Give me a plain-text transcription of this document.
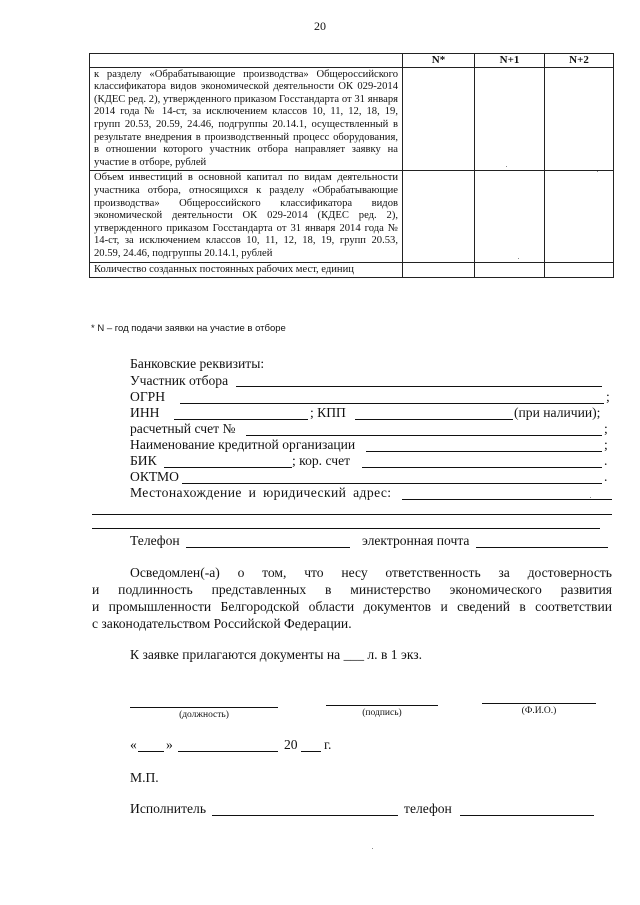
20
	N*	N+1	N+2
к разделу «Обрабатывающие производства» Общероссийского классификатора видов экономической деятельности ОК 029-2014 (КДЕС ред. 2), утвержденного приказом Госстандарта от 31 января 2014 года № 14-ст, за исключением классов 10, 11, 12, 18, 19, групп 20.53, 20.59, 24.46, подгруппы 20.14.1, осуществленный в результате внедрения в производственный процесс оборудования, в отношении которого участник отбора направляет заявку на участие в отборе, рублей			
Объем инвестиций в основной капитал по видам деятельности участника отбора, относящихся к разделу «Обрабатывающие производства» Общероссийского классификатора видов экономической деятельности ОК 029-2014 (КДЕС ред. 2), утвержденного приказом Госстандарта от 31 января 2014 года № 14-ст, за исключением классов 10, 11, 12, 18, 19, групп 20.53, 20.59, 24.46, подгруппы 20.14.1, рублей			
Количество созданных постоянных рабочих мест, единиц			
* N – год подачи заявки на участие в отборе
Банковские реквизиты:
Участник отбора
ОГРН	;
ИНН	; КПП	(при наличии);
расчетный счет №	;
Наименование кредитной организации	;
БИК	; кор. счет	.
ОКТМО	.
Местонахождение и юридический адрес:
Телефон	электронная почта
Осведомлен(-а) о том, что несу ответственность за достоверность
и подлинность представленных в министерство экономического развития
и промышленности Белгородской области документов и сведений в соответствии
с законодательством Российской Федерации.
К заявке прилагаются документы на ___ л. в 1 экз.
(должность)	(подпись)	(Ф.И.О.)
« »	20 г.
М.П.
Исполнитель	телефон
